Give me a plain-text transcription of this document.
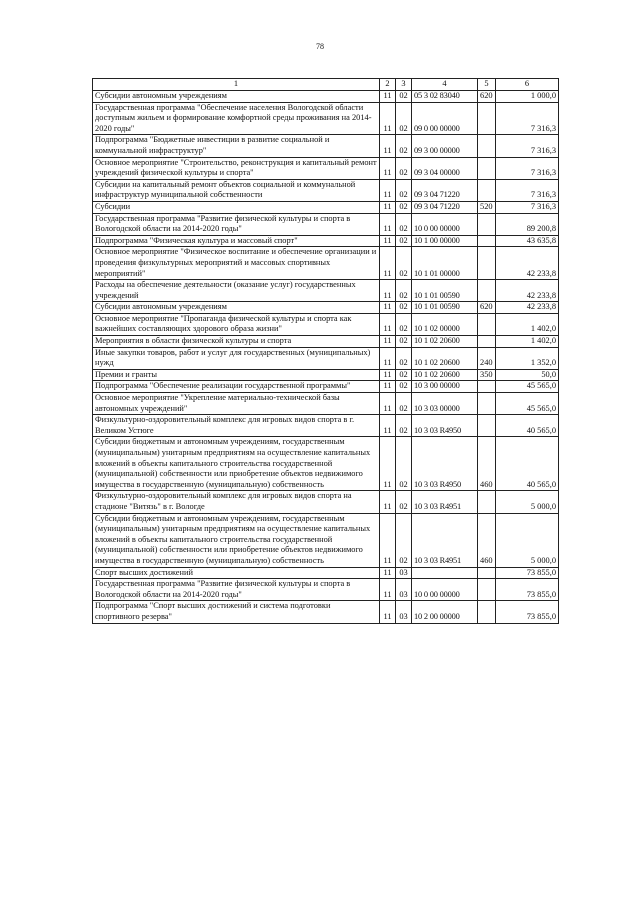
78
1	2	3	4	5	6
Субсидии автономным учреждениям	11	02	05 3 02 83040	620	1 000,0
Государственная программа "Обеспечение населения Вологодской области доступным жильем и формирование комфортной среды проживания на 2014-2020 годы"	11	02	09 0 00 00000		7 316,3
Подпрограмма "Бюджетные инвестиции в развитие социальной и коммунальной инфраструктур"	11	02	09 3 00 00000		7 316,3
Основное мероприятие "Строительство, реконструкция и капитальный ремонт учреждений физической культуры и спорта"	11	02	09 3 04 00000		7 316,3
Субсидии на капитальный ремонт объектов социальной и коммунальной инфраструктур муниципальной собственности	11	02	09 3 04 71220		7 316,3
Субсидии	11	02	09 3 04 71220	520	7 316,3
Государственная программа "Развитие физической культуры и спорта в Вологодской области на 2014-2020 годы"	11	02	10 0 00 00000		89 200,8
Подпрограмма "Физическая культура и массовый спорт"	11	02	10 1 00 00000		43 635,8
Основное мероприятие "Физическое воспитание и обеспечение организации и проведения физкультурных мероприятий и массовых спортивных мероприятий"	11	02	10 1 01 00000		42 233,8
Расходы на обеспечение деятельности (оказание услуг) государственных учреждений	11	02	10 1 01 00590		42 233,8
Субсидии автономным учреждениям	11	02	10 1 01 00590	620	42 233,8
Основное мероприятие "Пропаганда физической культуры и спорта как важнейших составляющих здорового образа жизни"	11	02	10 1 02 00000		1 402,0
Мероприятия в области физической культуры и спорта	11	02	10 1 02 20600		1 402,0
Иные закупки товаров, работ и услуг для государственных (муниципальных) нужд	11	02	10 1 02 20600	240	1 352,0
Премии и гранты	11	02	10 1 02 20600	350	50,0
Подпрограмма "Обеспечение реализации государственной программы"	11	02	10 3 00 00000		45 565,0
Основное мероприятие "Укрепление материально-технической базы автономных учреждений"	11	02	10 3 03 00000		45 565,0
Физкультурно-оздоровительный комплекс для игровых видов спорта в г. Великом Устюге	11	02	10 3 03 R4950		40 565,0
Субсидии бюджетным и автономным учреждениям, государственным (муниципальным) унитарным предприятиям на осуществление капитальных вложений в объекты капитального строительства государственной (муниципальной) собственности или приобретение объектов недвижимого имущества в государственную (муниципальную) собственность	11	02	10 3 03 R4950	460	40 565,0
Физкультурно-оздоровительный комплекс для игровых видов спорта на стадионе "Витязь" в г. Вологде	11	02	10 3 03 R4951		5 000,0
Субсидии бюджетным и автономным учреждениям, государственным (муниципальным) унитарным предприятиям на осуществление капитальных вложений в объекты капитального строительства государственной (муниципальной) собственности или приобретение объектов недвижимого имущества в государственную (муниципальную) собственность	11	02	10 3 03 R4951	460	5 000,0
Спорт высших достижений	11	03			73 855,0
Государственная программа "Развитие физической культуры и спорта в Вологодской области на 2014-2020 годы"	11	03	10 0 00 00000		73 855,0
Подпрограмма "Спорт высших достижений и система подготовки спортивного резерва"	11	03	10 2 00 00000		73 855,0
